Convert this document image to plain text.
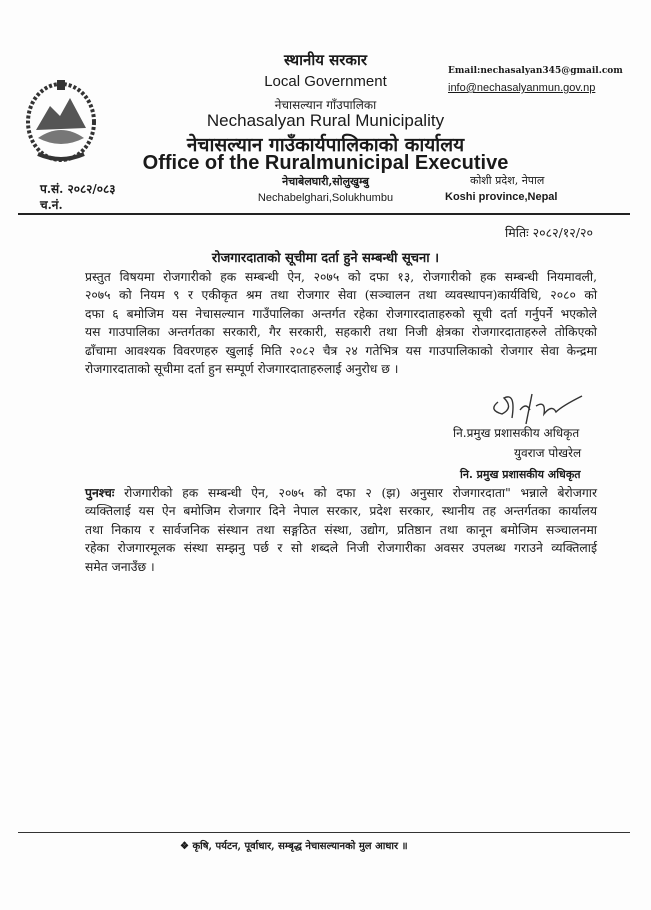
स्थानीय सरकार
Local Government
नेचासल्यान गाँउपालिका
Nechasalyan Rural Municipality
नेचासल्यान गाउँकार्यपालिकाको कार्यालय
Office of the Ruralmunicipal Executive
नेचाबेलघारी,सोलुखुम्बु
Nechabelghari,Solukhumbu
Email:nechasalyan345@gmail.com
info@nechasalyanmun.gov.np
कोशी प्रदेश, नेपाल
Koshi province,Nepal
प.सं. २०८२/०८३
च.नं.
मितिः २०८२/१२/२०
रोजगारदाताको सूचीमा दर्ता हुने सम्बन्धी सूचना ।
प्रस्तुत विषयमा रोजगारीको हक सम्बन्धी ऐन, २०७५ को दफा १३, रोजगारीको हक सम्बन्धी नियमावली,
२०७५ को नियम ९ र एकीकृत श्रम तथा रोजगार सेवा (सञ्चालन तथा व्यवस्थापन)कार्यविधि, २०८० को
दफा ६ बमोजिम यस नेचासल्यान गाउँपालिका अन्तर्गत रहेका रोजगारदाताहरुको सूची दर्ता गर्नुपर्ने भएकोले
यस गाउपालिका अन्तर्गतका सरकारी, गैर सरकारी, सहकारी तथा निजी क्षेत्रका रोजगारदाताहरुले तोकिएको
ढाँचामा आवश्यक विवरणहरु खुलाई मिति २०८२ चैत्र २४ गतेभित्र यस गाउपालिकाको रोजगार सेवा केन्द्रमा
रोजगारदाताको सूचीमा दर्ता हुन सम्पूर्ण रोजगारदाताहरुलाई अनुरोध छ ।
नि.प्रमुख प्रशासकीय अधिकृत
युवराज पोखरेल
नि. प्रमुख प्रशासकीय अधिकृत
पुनश्चः रोजगारीको हक सम्बन्धी ऐन, २०७५ को दफा २ (झ) अनुसार रोजगारदाता" भन्नाले बेरोजगार
व्यक्तिलाई यस ऐन बमोजिम रोजगार दिने नेपाल सरकार, प्रदेश सरकार, स्थानीय तह अन्तर्गतका कार्यालय
तथा निकाय र सार्वजनिक संस्थान तथा सङ्गठित संस्था, उद्योग, प्रतिष्ठान तथा कानून बमोजिम सञ्चालनमा
रहेका रोजगारमूलक संस्था सम्झनु पर्छ र सो शब्दले निजी रोजगारीका अवसर उपलब्ध गराउने व्यक्तिलाई
समेत जनाउँछ ।
❖ कृषि, पर्यटन, पूर्वाधार, सम्बृद्ध नेचासल्यानको मुल आधार ॥
